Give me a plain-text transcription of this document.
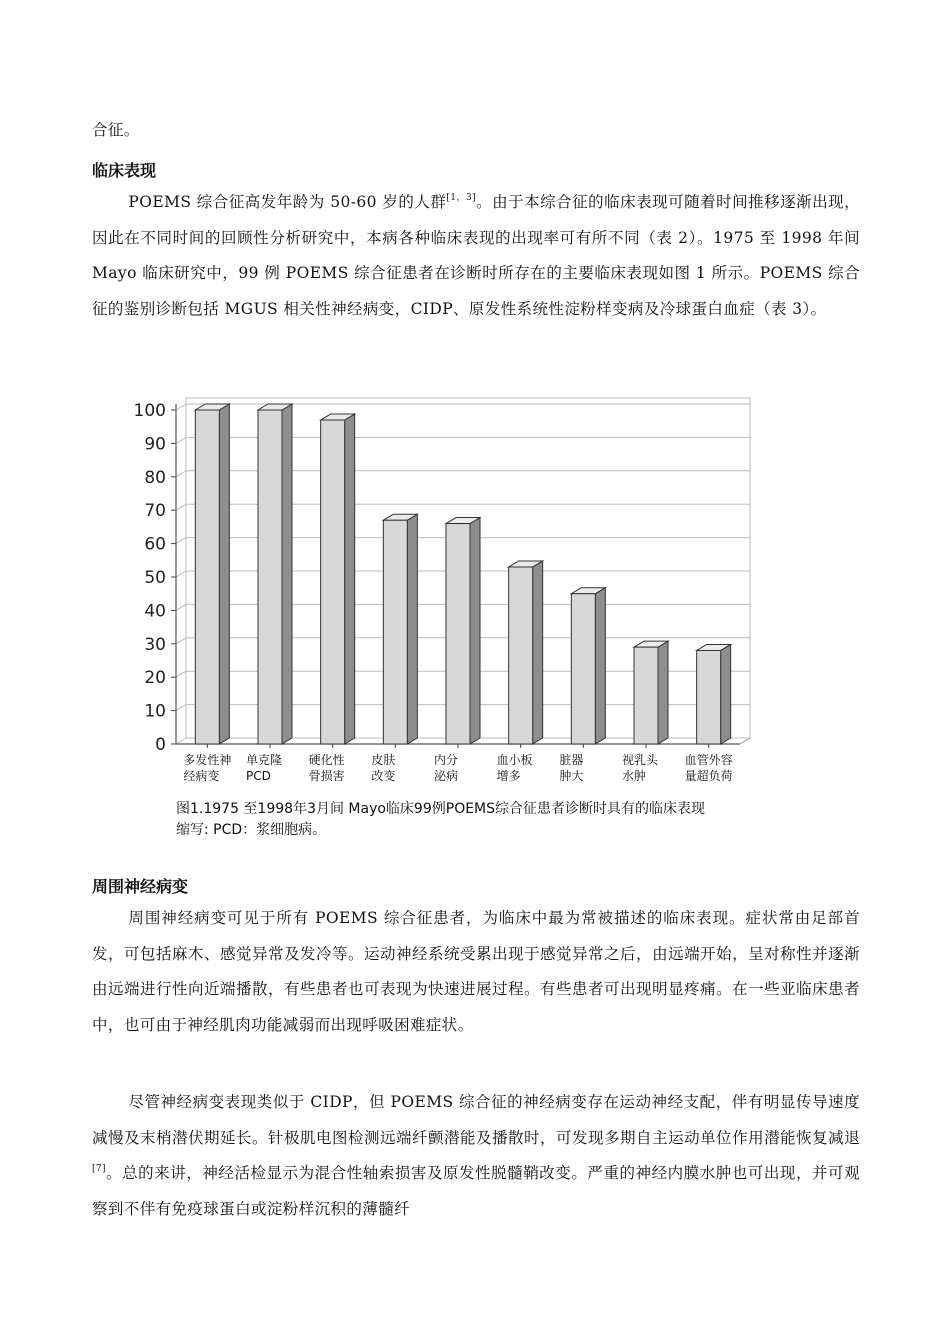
合征。

临床表现

POEMS 综合征高发年龄为 50-60 岁的人群[1，3]。由于本综合征的临床表现可随着时间推移逐渐出现，因此在不同时间的回顾性分析研究中，本病各种临床表现的出现率可有所不同（表 2）。1975 至 1998 年间 Mayo 临床研究中，99 例 POEMS 综合征患者在诊断时所存在的主要临床表现如图 1 所示。POEMS 综合征的鉴别诊断包括 MGUS 相关性神经病变，CIDP、原发性系统性淀粉样变病及冷球蛋白血症（表 3）。

0
10
20
30
40
50
60
70
80
90
100
多发性神
经病变
单克隆
PCD
硬化性
骨损害
皮肤
改变
内分
泌病
血小板
增多
脏器
肿大
视乳头
水肿
血管外容
量超负荷
图1.1975 至1998年3月间 Mayo临床99例POEMS综合征患者诊断时具有的临床表现
缩写: PCD：浆细胞病。

周围神经病变

周围神经病变可见于所有 POEMS 综合征患者，为临床中最为常被描述的临床表现。症状常由足部首发，可包括麻木、感觉异常及发冷等。运动神经系统受累出现于感觉异常之后，由远端开始，呈对称性并逐渐由远端进行性向近端播散，有些患者也可表现为快速进展过程。有些患者可出现明显疼痛。在一些亚临床患者中，也可由于神经肌肉功能减弱而出现呼吸困难症状。

尽管神经病变表现类似于 CIDP，但 POEMS 综合征的神经病变存在运动神经支配，伴有明显传导速度减慢及末梢潜伏期延长。针极肌电图检测远端纤颤潜能及播散时，可发现多期自主运动单位作用潜能恢复减退[7]。总的来讲，神经活检显示为混合性轴索损害及原发性脱髓鞘改变。严重的神经内膜水肿也可出现，并可观察到不伴有免疫球蛋白或淀粉样沉积的薄髓纤
